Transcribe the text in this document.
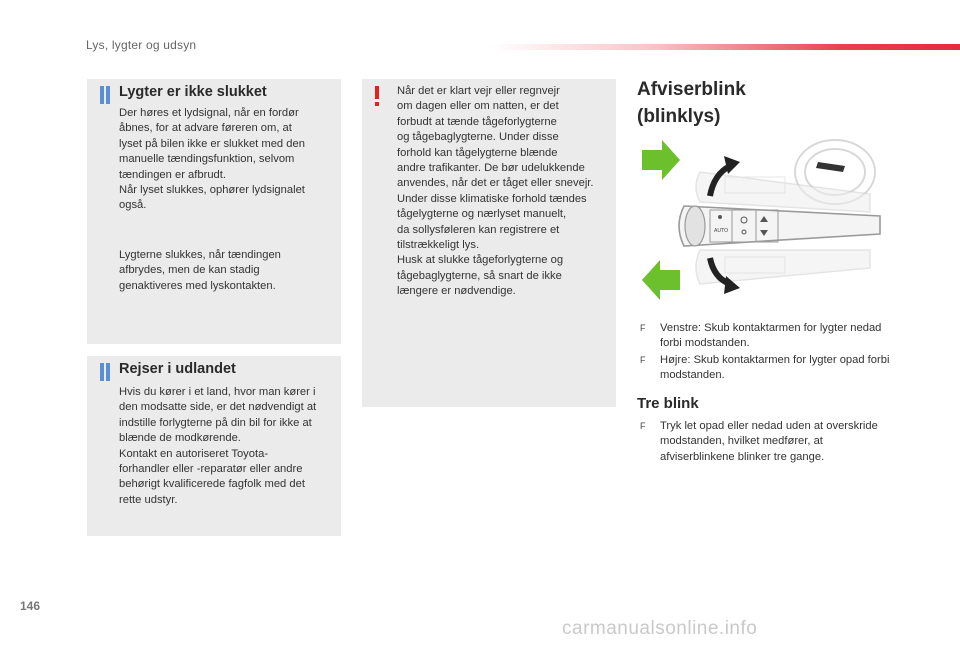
Lys, lygter og udsyn
Lygter er ikke slukket
Der høres et lydsignal, når en fordør
åbnes, for at advare føreren om, at
lyset på bilen ikke er slukket med den
manuelle tændingsfunktion, selvom
tændingen er afbrudt.
Når lyset slukkes, ophører lydsignalet
også.
Lygterne slukkes, når tændingen
afbrydes, men de kan stadig
genaktiveres med lyskontakten.
Rejser i udlandet
Hvis du kører i et land, hvor man kører i
den modsatte side, er det nødvendigt at
indstille forlygterne på din bil for ikke at
blænde de modkørende.
Kontakt en autoriseret Toyota-
forhandler eller -reparatør eller andre
behørigt kvalificerede fagfolk med det
rette udstyr.
Når det er klart vejr eller regnvejr
om dagen eller om natten, er det
forbudt at tænde tågeforlygterne
og tågebaglygterne. Under disse
forhold kan tågelygterne blænde
andre trafikanter. De bør udelukkende
anvendes, når det er tåget eller snevejr.
Under disse klimatiske forhold tændes
tågelygterne og nærlyset manuelt,
da sollysføleren kan registrere et
tilstrækkeligt lys.
Husk at slukke tågeforlygterne og
tågebaglygterne, så snart de ikke
længere er nødvendige.
Afviserblink
(blinklys)
AUTO
F Venstre: Skub kontaktarmen for lygter nedad forbi modstanden.
F Højre: Skub kontaktarmen for lygter opad forbi modstanden.
Tre blink
F Tryk let opad eller nedad uden at overskride modstanden, hvilket medfører, at afviserblinkene blinker tre gange.
146
carmanualsonline.info
